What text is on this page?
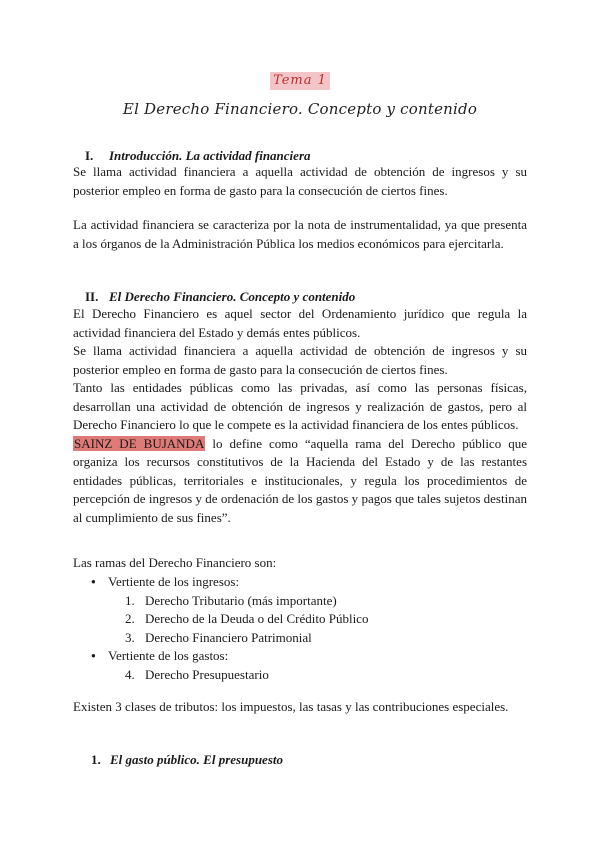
Tema 1
El Derecho Financiero. Concepto y contenido
I. Introducción. La actividad financiera

Se llama actividad financiera a aquella actividad de obtención de ingresos y su posterior empleo en forma de gasto para la consecución de ciertos fines.

La actividad financiera se caracteriza por la nota de instrumentalidad, ya que presenta a los órganos de la Administración Pública los medios económicos para ejercitarla.

II. El Derecho Financiero. Concepto y contenido

El Derecho Financiero es aquel sector del Ordenamiento jurídico que regula la actividad financiera del Estado y demás entes públicos.

Se llama actividad financiera a aquella actividad de obtención de ingresos y su posterior empleo en forma de gasto para la consecución de ciertos fines.

Tanto las entidades públicas como las privadas, así como las personas físicas, desarrollan una actividad de obtención de ingresos y realización de gastos, pero al Derecho Financiero lo que le compete es la actividad financiera de los entes públicos.

SAINZ DE BUJANDA lo define como “aquella rama del Derecho público que organiza los recursos constitutivos de la Hacienda del Estado y de las restantes entidades públicas, territoriales e institucionales, y regula los procedimientos de percepción de ingresos y de ordenación de los gastos y pagos que tales sujetos destinan al cumplimiento de sus fines”.

Las ramas del Derecho Financiero son:

● Vertiente de los ingresos:
1. Derecho Tributario (más importante)
2. Derecho de la Deuda o del Crédito Público
3. Derecho Financiero Patrimonial
● Vertiente de los gastos:
4. Derecho Presupuestario

Existen 3 clases de tributos: los impuestos, las tasas y las contribuciones especiales.

1. El gasto público. El presupuesto
